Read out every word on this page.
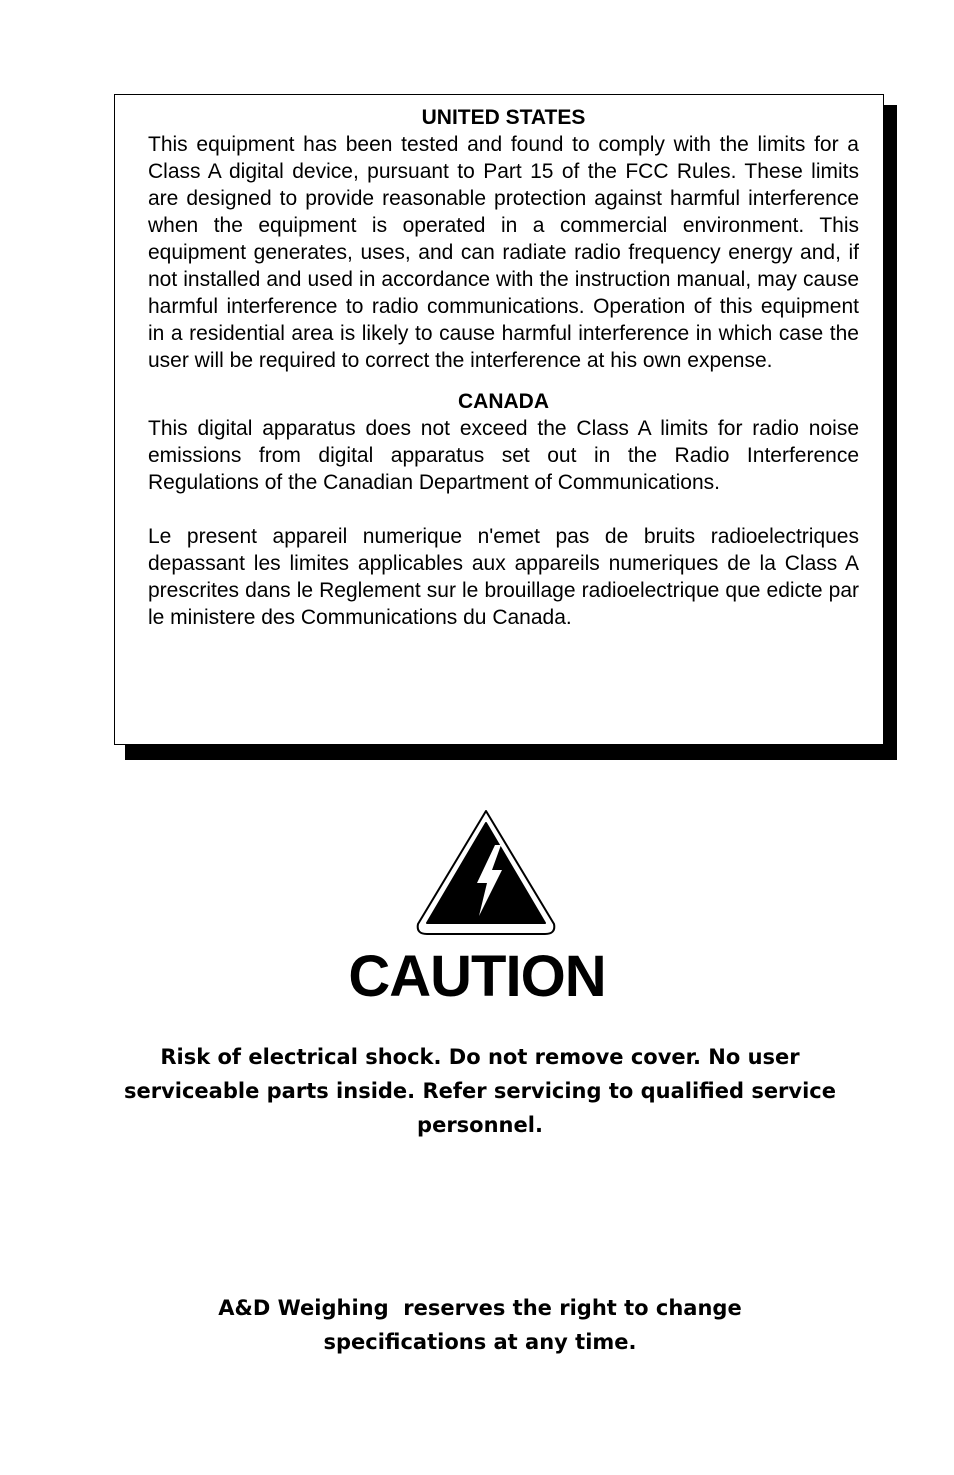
UNITED STATES

This equipment has been tested and found to comply with the limits for a Class A digital device, pursuant to Part 15 of the FCC Rules. These limits are designed to provide reasonable protection against harmful interference when the equipment is operated in a commercial environment. This equipment generates, uses, and can radiate radio frequency energy and, if not installed and used in accordance with the instruction manual, may cause harmful interference to radio communications. Operation of this equipment in a residential area is likely to cause harmful interference in which case the user will be required to correct the interference at his own expense.

CANADA

This digital apparatus does not exceed the Class A limits for radio noise emissions from digital apparatus set out in the Radio Interference Regulations of the Canadian Department of Communications.

Le present appareil numerique n'emet pas de bruits radioelectriques depassant les limites applicables aux appareils numeriques de la Class A prescrites dans le Reglement sur le brouillage radioelectrique que edicte par le ministere des Communications du Canada.

CAUTION
Risk of electrical shock. Do not remove cover. No user serviceable parts inside. Refer servicing to qualified service personnel.
A&D Weighing  reserves the right to change specifications at any time.
